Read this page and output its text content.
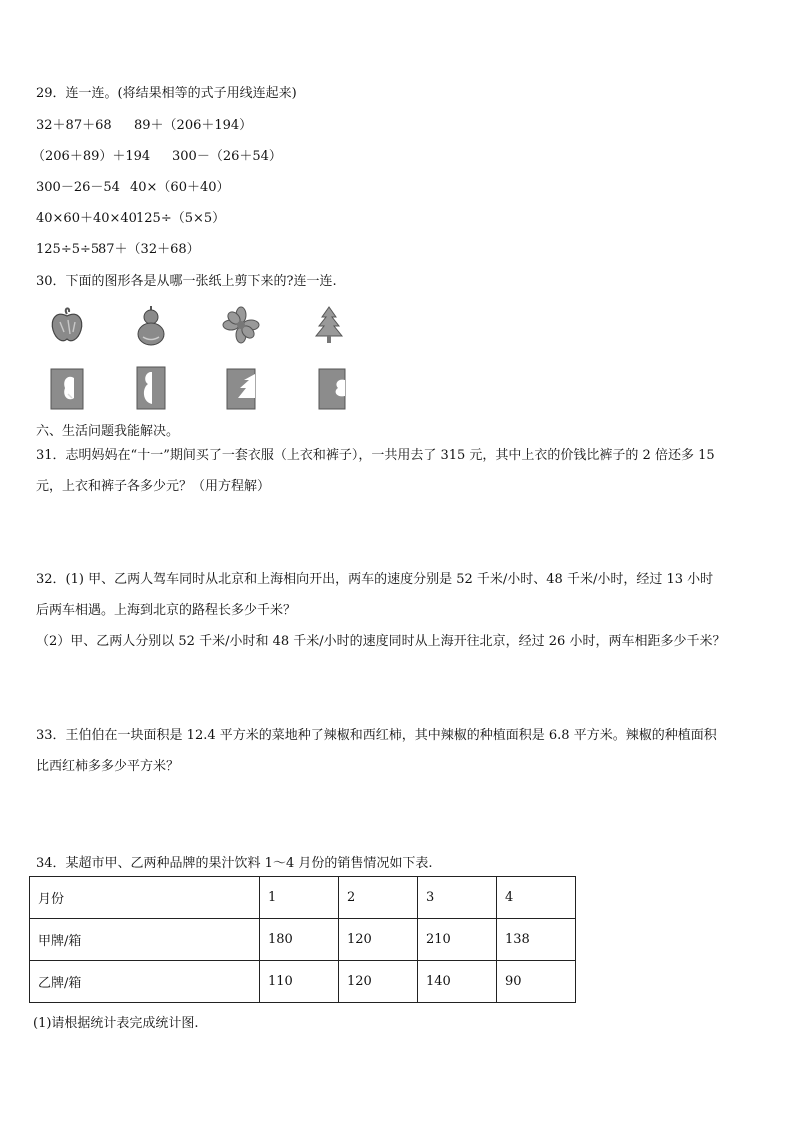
29．连一连。(将结果相等的式子用线连起来)
32＋87＋68 89＋（206＋194）
（206＋89）＋194 300－（26＋54）
300－26－54 40×（60＋40）
40×60＋40×40125÷（5×5）
125÷5÷587＋（32＋68）
30．下面的图形各是从哪一张纸上剪下来的?连一连.
六、生活问题我能解决。
31．志明妈妈在“十一”期间买了一套衣服（上衣和裤子），一共用去了 315 元，其中上衣的价钱比裤子的 2 倍还多 15
元，上衣和裤子各多少元？（用方程解）
32．(1) 甲、乙两人驾车同时从北京和上海相向开出，两车的速度分别是 52 千米/小时、48 千米/小时，经过 13 小时
后两车相遇。上海到北京的路程长多少千米？
（2）甲、乙两人分别以 52 千米/小时和 48 千米/小时的速度同时从上海开往北京，经过 26 小时，两车相距多少千米？
33．王伯伯在一块面积是 12.4 平方米的菜地种了辣椒和西红柿，其中辣椒的种植面积是 6.8 平方米。辣椒的种植面积
比西红柿多多少平方米？
34．某超市甲、乙两种品牌的果汁饮料 1～4 月份的销售情况如下表.
月份	1	2	3	4
甲牌/箱	180	120	210	138
乙牌/箱	110	120	140	90
(1)请根据统计表完成统计图.
